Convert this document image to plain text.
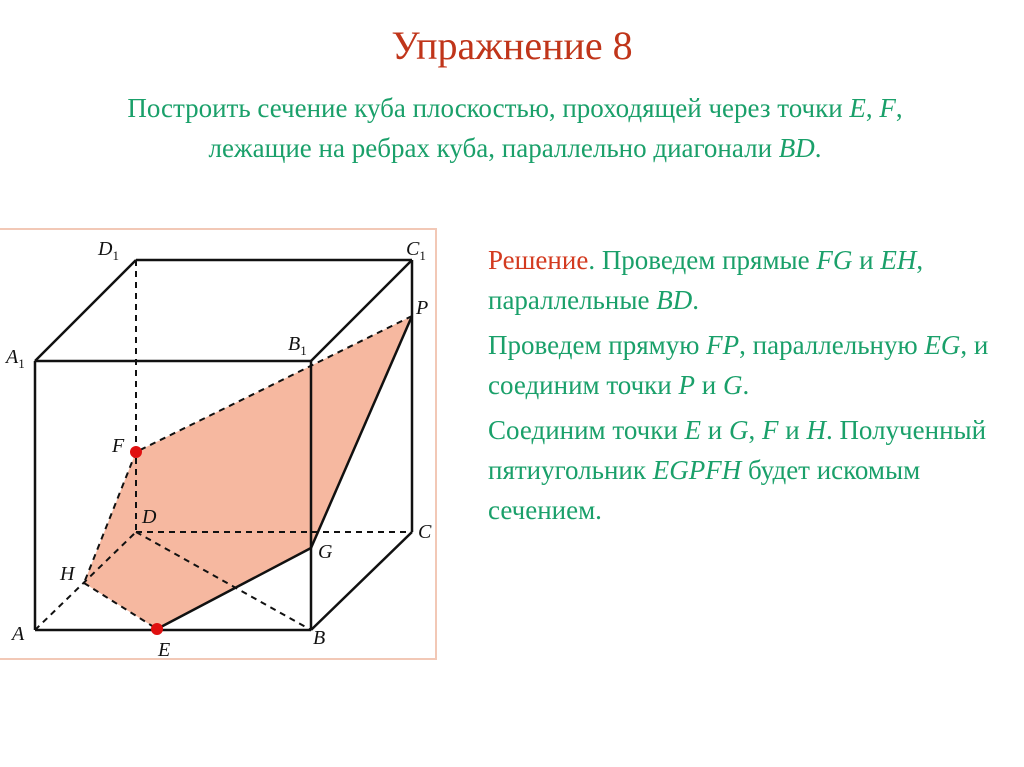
Упражнение 8
Построить сечение куба плоскостью, проходящей через точки E, F,
лежащие на ребрах куба, параллельно диагонали BD.
$D_1$	$C_1$
$A_1$
$B_1$
P
F
D
C
G
H
A	B
E

Решение. Проведем прямые FG и EH, параллельные BD.

Проведем прямую FP, параллельную EG, и соединим точки P и G.

Соединим точки E и G, F и H. Полученный пятиугольник EGPFH будет искомым сечением.
